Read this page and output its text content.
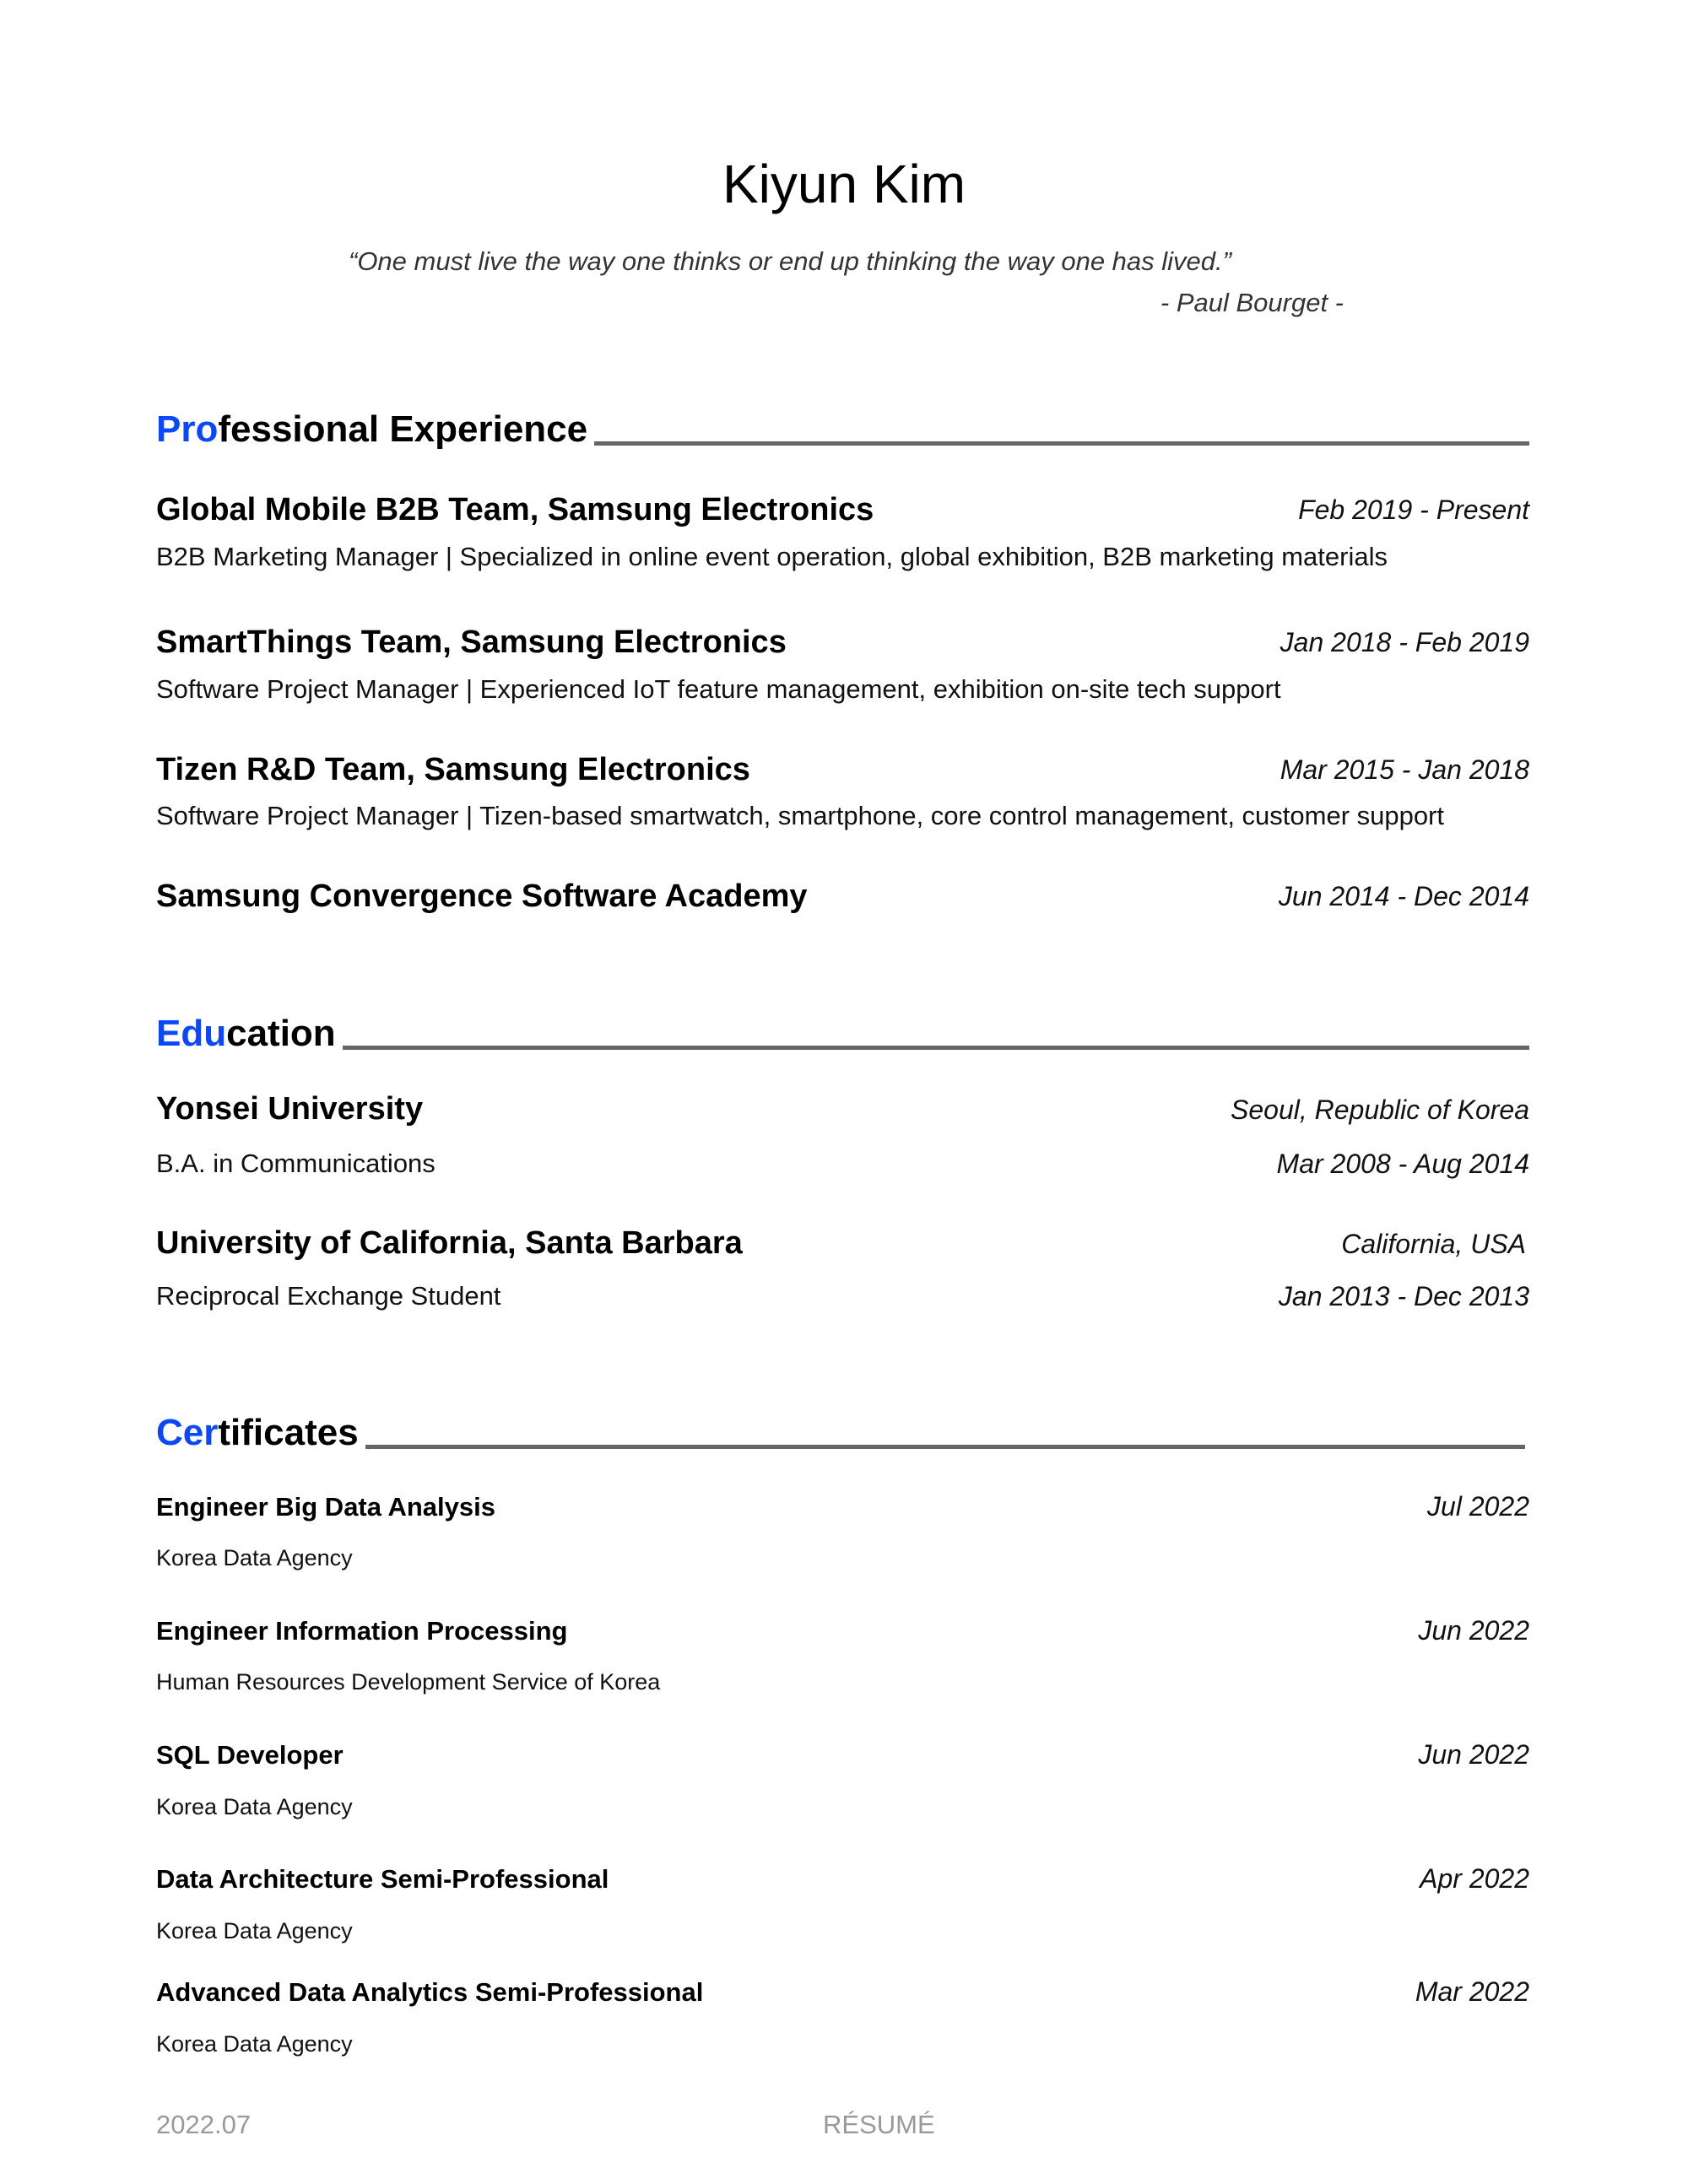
Kiyun Kim
“One must live the way one thinks or end up thinking the way one has lived.”
- Paul Bourget -
Professional Experience
Global Mobile B2B Team, Samsung Electronics	Feb 2019 - Present
B2B Marketing Manager | Specialized in online event operation, global exhibition, B2B marketing materials
SmartThings Team, Samsung Electronics	Jan 2018 - Feb 2019
Software Project Manager | Experienced IoT feature management, exhibition on-site tech support
Tizen R&D Team, Samsung Electronics	Mar 2015 - Jan 2018
Software Project Manager | Tizen-based smartwatch, smartphone, core control management, customer support
Samsung Convergence Software Academy	Jun 2014 - Dec 2014
Education
Yonsei University	Seoul, Republic of Korea
B.A. in Communications	Mar 2008 - Aug 2014
University of California, Santa Barbara	California, USA
Reciprocal Exchange Student	Jan 2013 - Dec 2013
Certificates
Engineer Big Data Analysis	Jul 2022
Korea Data Agency
Engineer Information Processing	Jun 2022
Human Resources Development Service of Korea
SQL Developer	Jun 2022
Korea Data Agency
Data Architecture Semi-Professional	Apr 2022
Korea Data Agency
Advanced Data Analytics Semi-Professional	Mar 2022
Korea Data Agency
2022.07	RÉSUMÉ
